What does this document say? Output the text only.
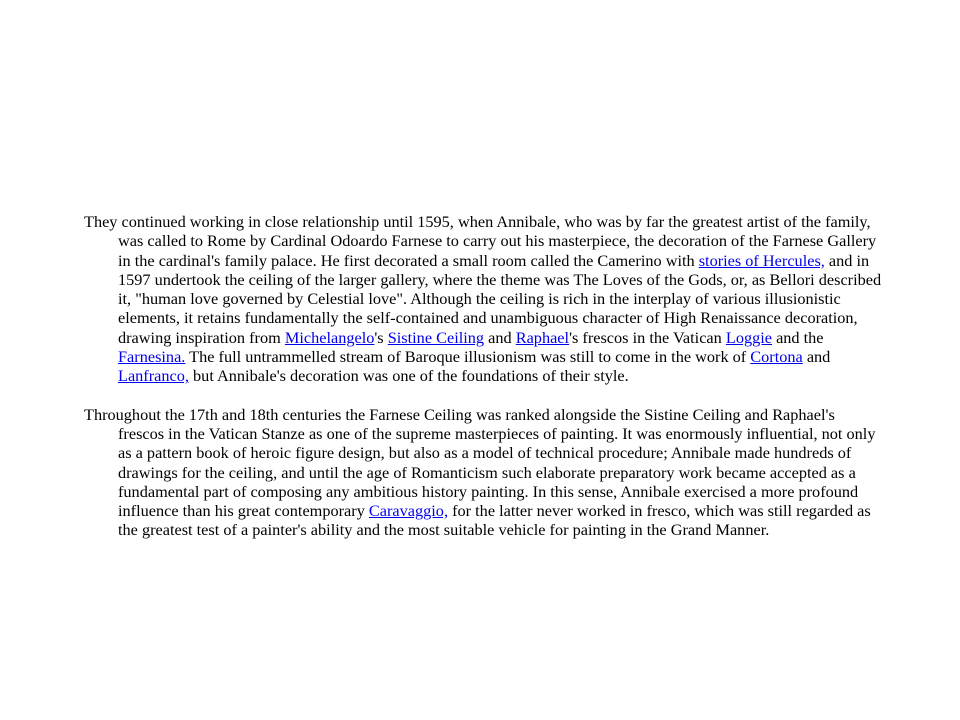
They continued working in close relationship until 1595, when Annibale, who was by far the greatest artist of the family, was called to Rome by Cardinal Odoardo Farnese to carry out his masterpiece, the decoration of the Farnese Gallery in the cardinal's family palace. He first decorated a small room called the Camerino with stories of Hercules, and in 1597 undertook the ceiling of the larger gallery, where the theme was The Loves of the Gods, or, as Bellori described it, "human love governed by Celestial love". Although the ceiling is rich in the interplay of various illusionistic elements, it retains fundamentally the self-contained and unambiguous character of High Renaissance decoration, drawing inspiration from Michelangelo's Sistine Ceiling and Raphael's frescos in the Vatican Loggie and the Farnesina. The full untrammelled stream of Baroque illusionism was still to come in the work of Cortona and Lanfranco, but Annibale's decoration was one of the foundations of their style.

Throughout the 17th and 18th centuries the Farnese Ceiling was ranked alongside the Sistine Ceiling and Raphael's frescos in the Vatican Stanze as one of the supreme masterpieces of painting. It was enormously influential, not only as a pattern book of heroic figure design, but also as a model of technical procedure; Annibale made hundreds of drawings for the ceiling, and until the age of Romanticism such elaborate preparatory work became accepted as a fundamental part of composing any ambitious history painting. In this sense, Annibale exercised a more profound influence than his great contemporary Caravaggio, for the latter never worked in fresco, which was still regarded as the greatest test of a painter's ability and the most suitable vehicle for painting in the Grand Manner.
